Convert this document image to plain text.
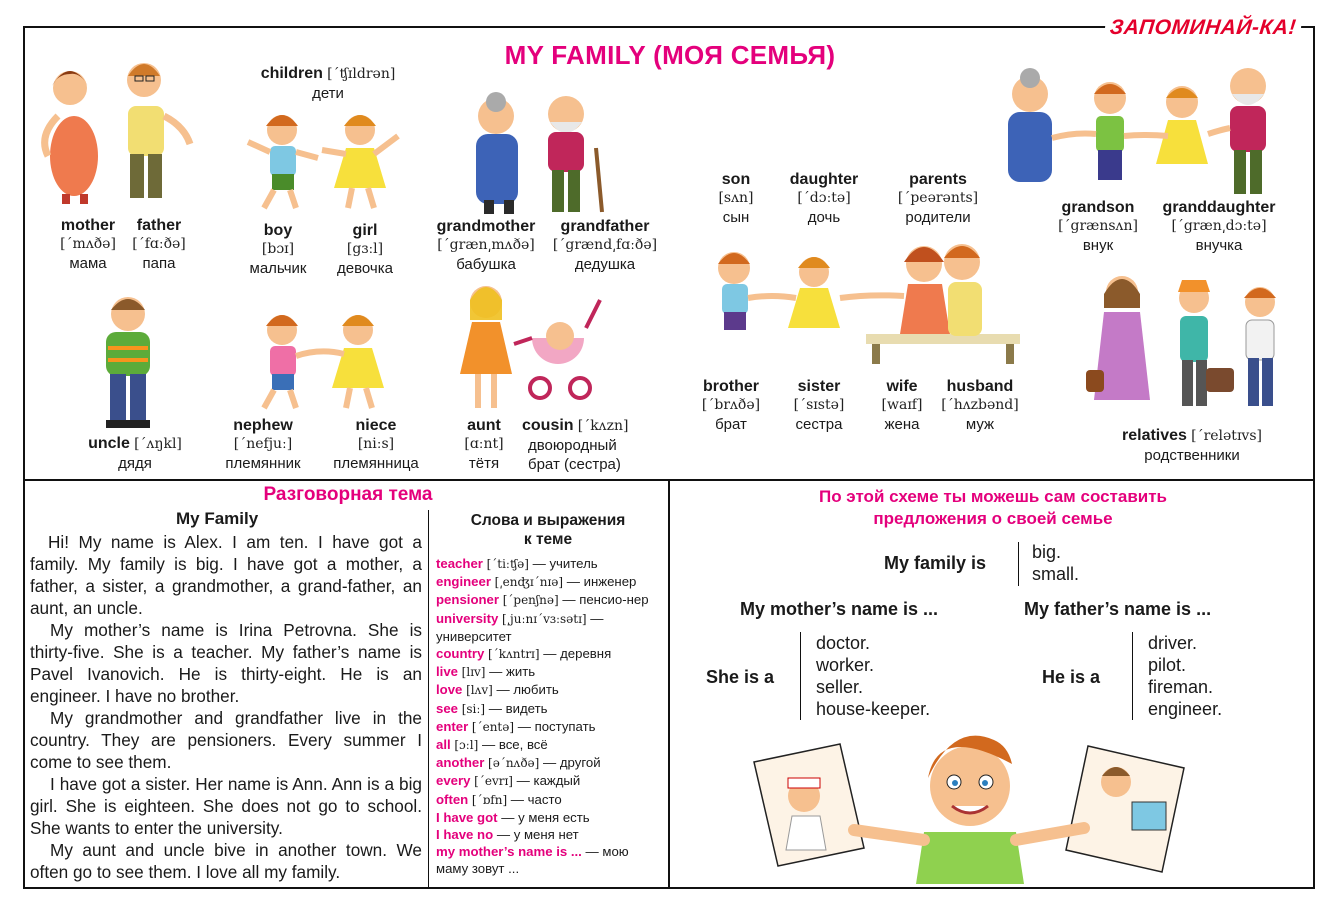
ЗАПОМИНАЙ-КА!
MY FAMILY (МОЯ СЕМЬЯ)
mother
[΄mʌðə]
мама
father
[΄fɑːðə]
папа
children [΄ʧɪldrən]
дети
boy
[bɔɪ]
мальчик
girl
[gɜːl]
девочка
grandmother
[΄græn͵mʌðə]
бабушка
grandfather
[΄grænd͵fɑːðə]
дедушка
son
[sʌn]
сын
daughter
[΄dɔːtə]
дочь
parents
[΄peərənts]
родители
grandson
[΄grænsʌn]
внук
granddaughter
[΄græn͵dɔːtə]
внучка
uncle [΄ʌŋkl]
дядя
nephew
[΄nefjuː]
племянник
niece
[niːs]
племянница
aunt
[ɑːnt]
тётя
cousin [΄kʌzn]
двоюродный
брат (сестра)
brother
[΄brʌðə]
брат
sister
[΄sɪstə]
сестра
wife
[waɪf]
жена
husband
[΄hʌzbənd]
муж
relatives [΄relətɪvs]
родственники
Разговорная тема
My Family

Hi! My name is Alex. I am ten. I have got a family. My family is big. I have got a mother, a father, a sister, a grandmother, a grand-father, an aunt, an uncle.

My mother’s name is Irina Petrovna. She is thirty-five. She is a teacher. My father’s name is Pavel Ivanovich. He is thirty-eight. He is an engineer. I have no brother.

My grandmother and grandfather live in the country. They are pensioners. Every summer I come to see them.

I have got a sister. Her name is Ann. Ann is a big girl. She is eighteen. She does not go to school. She wants to enter the university.

My aunt and uncle bive in another town. We often go to see them. I love all my family.

Слова и выражения
к теме
teacher [΄tiːʧə] — учитель
engineer [͵enʤɪ΄nɪə] — инженер
pensioner [΄penʃnə] — пенсио-нер
university [͵juːnɪ΄vɜːsətɪ] — университет
country [΄kʌntrɪ] — деревня
live [lɪv] — жить
love [lʌv] — любить
see [siː] — видеть
enter [΄entə] — поступать
all [ɔːl] — все, всё
another [ə΄nʌðə] — другой
every [΄evrɪ] — каждый
often [΄ɒfn] — часто
I have got — у меня есть
I have no — у меня нет
my mother’s name is ... — мою маму зовут ...
По этой схеме ты можешь сам составить
предложения о своей семье
My family is
big.
small.
My mother’s name is ...	My father’s name is ...
She is a
doctor.
worker.
seller.
house-keeper.
He is a
driver.
pilot.
fireman.
engineer.
